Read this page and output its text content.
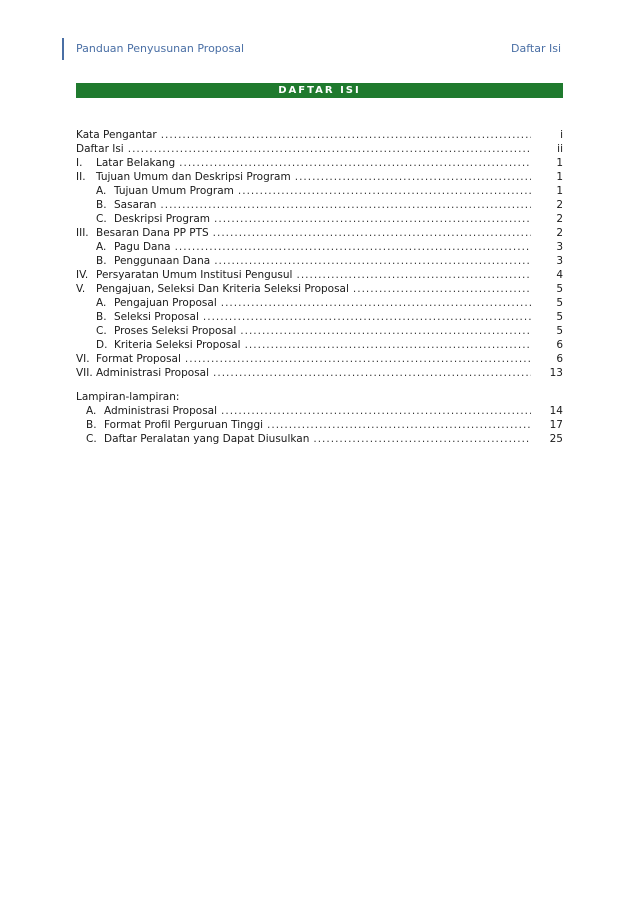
Panduan Penyusunan Proposal	Daftar Isi
DAFTAR ISI
Kata Pengantar .....	i
Daftar Isi .....	ii
I.	Latar Belakang .....	1
II. Tujuan Umum dan Deskripsi Program .....	1
A. Tujuan Umum Program .....	1
B. Sasaran .....	2
C. Deskripsi Program .....	2
III. Besaran Dana PP PTS .....	2
A. Pagu Dana .....	3
B. Penggunaan Dana .....	3
IV. Persyaratan Umum Institusi Pengusul .....	4
V.	Pengajuan, Seleksi Dan Kriteria Seleksi Proposal .....	5
A. Pengajuan Proposal .....	5
B. Seleksi Proposal .....	5
C. Proses Seleksi Proposal .....	5
D. Kriteria Seleksi Proposal .....	6
VI. Format Proposal .....	6
VII. Administrasi Proposal .....	13
Lampiran-lampiran:
A. Administrasi Proposal .....	14
B. Format Profil Perguruan Tinggi .....	17
C. Daftar Peralatan yang Dapat Diusulkan .....	25
